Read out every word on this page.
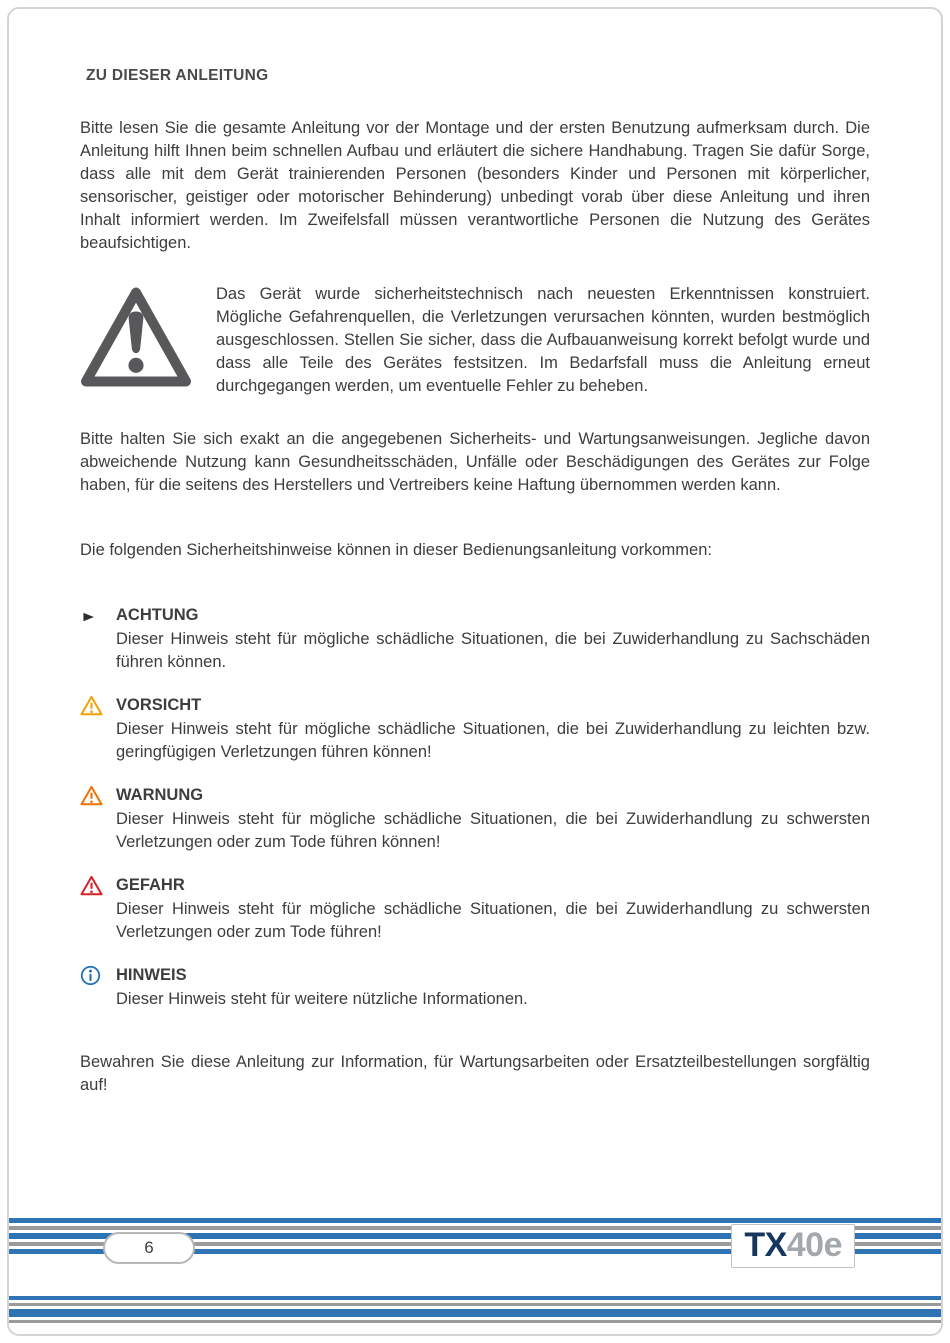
ZU DIESER ANLEITUNG

Bitte lesen Sie die gesamte Anleitung vor der Montage und der ersten Benutzung aufmerksam durch. Die Anleitung hilft Ihnen beim schnellen Aufbau und erläutert die sichere Handhabung. Tragen Sie dafür Sorge, dass alle mit dem Gerät trainierenden Personen (besonders Kinder und Personen mit körperlicher, sensorischer, geistiger oder motorischer Behinderung) unbedingt vorab über diese Anleitung und ihren Inhalt informiert werden. Im Zweifelsfall müssen verantwortliche Personen die Nutzung des Gerätes beaufsichtigen.

Das Gerät wurde sicherheitstechnisch nach neuesten Erkenntnissen konstruiert. Mögliche Gefahrenquellen, die Verletzungen verursachen könnten, wurden bestmöglich ausgeschlossen. Stellen Sie sicher, dass die Aufbauanweisung korrekt befolgt wurde und dass alle Teile des Gerätes festsitzen. Im Bedarfsfall muss die Anleitung erneut durchgegangen werden, um eventuelle Fehler zu beheben.

Bitte halten Sie sich exakt an die angegebenen Sicherheits- und Wartungsanweisungen. Jegliche davon abweichende Nutzung kann Gesundheitsschäden, Unfälle oder Beschädigungen des Gerätes zur Folge haben, für die seitens des Herstellers und Vertreibers keine Haftung übernommen werden kann.

Die folgenden Sicherheitshinweise können in dieser Bedienungsanleitung vorkommen:

►	ACHTUNG
Dieser Hinweis steht für mögliche schädliche Situationen, die bei Zuwiderhandlung zu Sachschäden führen können.
VORSICHT
Dieser Hinweis steht für mögliche schädliche Situationen, die bei Zuwiderhandlung zu leichten bzw. geringfügigen Verletzungen führen können!
WARNUNG
Dieser Hinweis steht für mögliche schädliche Situationen, die bei Zuwiderhandlung zu schwersten Verletzungen oder zum Tode führen können!
GEFAHR
Dieser Hinweis steht für mögliche schädliche Situationen, die bei Zuwiderhandlung zu schwersten Verletzungen oder zum Tode führen!
HINWEIS
Dieser Hinweis steht für weitere nützliche Informationen.

Bewahren Sie diese Anleitung zur Information, für Wartungsarbeiten oder Ersatzteilbestellungen sorgfältig auf!

6	TX 40e
